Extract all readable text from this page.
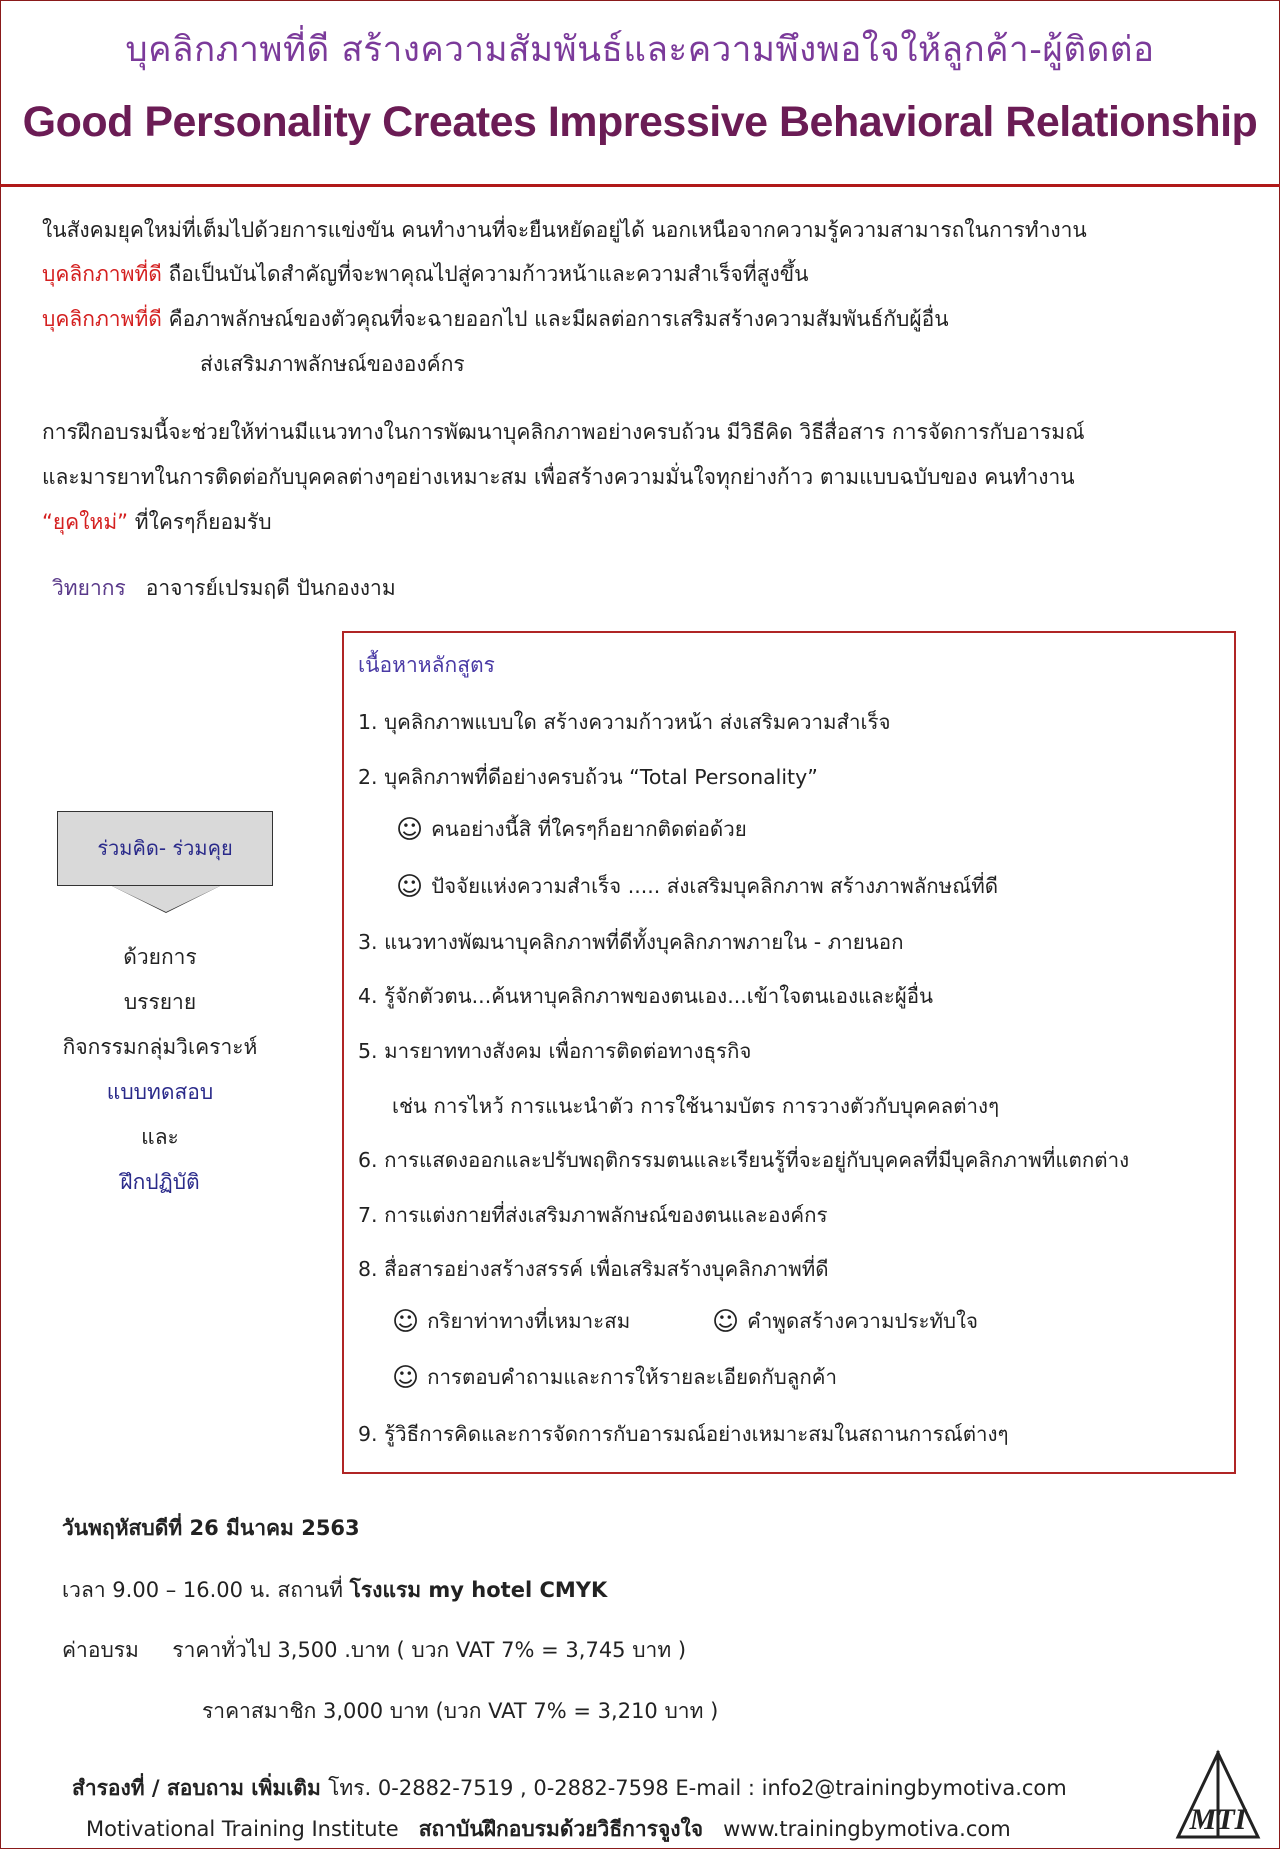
บุคลิกภาพที่ดี สร้างความสัมพันธ์และความพึงพอใจให้ลูกค้า-ผู้ติดต่อ
Good Personality Creates Impressive Behavioral Relationship
ในสังคมยุคใหม่ที่เต็มไปด้วยการแข่งขัน คนทำงานที่จะยืนหยัดอยู่ได้ นอกเหนือจากความรู้ความสามารถในการทำงาน
บุคลิกภาพที่ดี ถือเป็นบันไดสำคัญที่จะพาคุณไปสู่ความก้าวหน้าและความสำเร็จที่สูงขึ้น
บุคลิกภาพที่ดี คือภาพลักษณ์ของตัวคุณที่จะฉายออกไป และมีผลต่อการเสริมสร้างความสัมพันธ์กับผู้อื่น
ส่งเสริมภาพลักษณ์ขององค์กร
การฝึกอบรมนี้จะช่วยให้ท่านมีแนวทางในการพัฒนาบุคลิกภาพอย่างครบถ้วน มีวิธีคิด วิธีสื่อสาร การจัดการกับอารมณ์
และมารยาทในการติดต่อกับบุคคลต่างๆอย่างเหมาะสม เพื่อสร้างความมั่นใจทุกย่างก้าว ตามแบบฉบับของ คนทำงาน
“ยุคใหม่” ที่ใครๆก็ยอมรับ
วิทยากร อาจารย์เปรมฤดี ปันกองงาม
ร่วมคิด- ร่วมคุย
ด้วยการ
บรรยาย
กิจกรรมกลุ่มวิเคราะห์
แบบทดสอบ
และ
ฝึกปฏิบัติ
เนื้อหาหลักสูตร
1. บุคลิกภาพแบบใด สร้างความก้าวหน้า ส่งเสริมความสำเร็จ
2. บุคลิกภาพที่ดีอย่างครบถ้วน “Total Personality”
☺ คนอย่างนี้สิ ที่ใครๆก็อยากติดต่อด้วย
☺ ปัจจัยแห่งความสำเร็จ ..... ส่งเสริมบุคลิกภาพ สร้างภาพลักษณ์ที่ดี
3. แนวทางพัฒนาบุคลิกภาพที่ดีทั้งบุคลิกภาพภายใน - ภายนอก
4. รู้จักตัวตน...ค้นหาบุคลิกภาพของตนเอง...เข้าใจตนเองและผู้อื่น
5. มารยาททางสังคม เพื่อการติดต่อทางธุรกิจ
เช่น การไหว้ การแนะนำตัว การใช้นามบัตร การวางตัวกับบุคคลต่างๆ
6. การแสดงออกและปรับพฤติกรรมตนและเรียนรู้ที่จะอยู่กับบุคคลที่มีบุคลิกภาพที่แตกต่าง
7. การแต่งกายที่ส่งเสริมภาพลักษณ์ของตนและองค์กร
8. สื่อสารอย่างสร้างสรรค์ เพื่อเสริมสร้างบุคลิกภาพที่ดี
☺ กริยาท่าทางที่เหมาะสม	☺ คำพูดสร้างความประทับใจ
☺ การตอบคำถามและการให้รายละเอียดกับลูกค้า
9. รู้วิธีการคิดและการจัดการกับอารมณ์อย่างเหมาะสมในสถานการณ์ต่างๆ
วันพฤหัสบดีที่ 26 มีนาคม 2563
เวลา 9.00 – 16.00 น. สถานที่ โรงแรม my hotel CMYK
ค่าอบรม ราคาทั่วไป 3,500 .บาท ( บวก VAT 7% = 3,745 บาท )
ราคาสมาชิก 3,000 บาท (บวก VAT 7% = 3,210 บาท )
สำรองที่ / สอบถาม เพิ่มเติม โทร. 0-2882-7519 , 0-2882-7598 E-mail : info2@trainingbymotiva.com
Motivational Training Institute สถาบันฝึกอบรมด้วยวิธีการจูงใจ www.trainingbymotiva.com	MTI
